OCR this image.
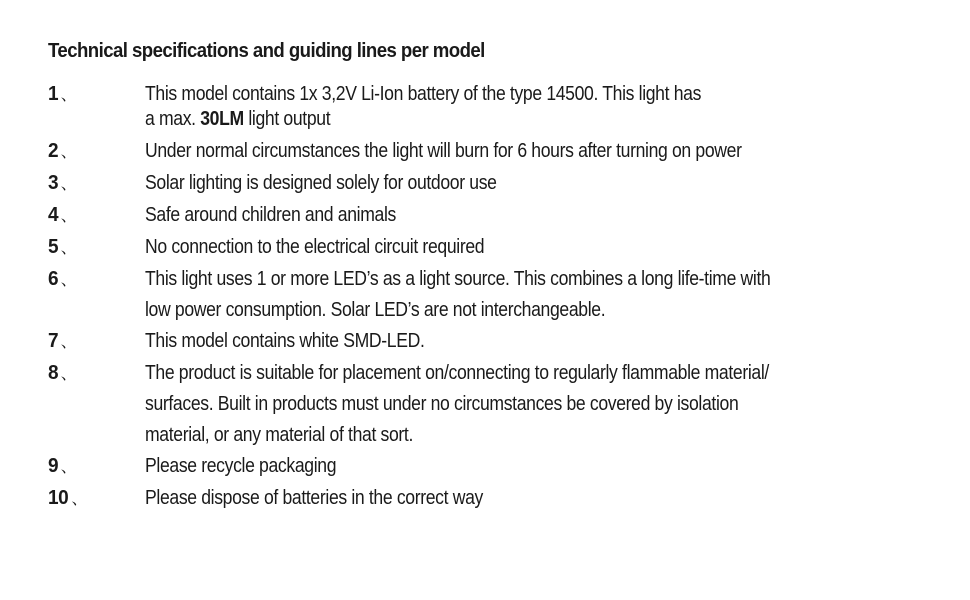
Technical specifications and guiding lines per model
1 、	This model contains 1x 3,2V Li-Ion battery of the type 14500. This light has a max. 30LM light output
2 、	Under normal circumstances the light will burn for 6 hours after turning on power
3 、	Solar lighting is designed solely for outdoor use
4 、	Safe around children and animals
5 、	No connection to the electrical circuit required
6 、	This light uses 1 or more LED’s as a light source. This combines a long life-time with low power consumption. Solar LED’s are not interchangeable.
7 、	This model contains white SMD-LED.
8 、	The product is suitable for placement on/connecting to regularly flammable material/ surfaces. Built in products must under no circumstances be covered by isolation material, or any material of that sort.
9 、	Please recycle packaging
10 、	Please dispose of batteries in the correct way
